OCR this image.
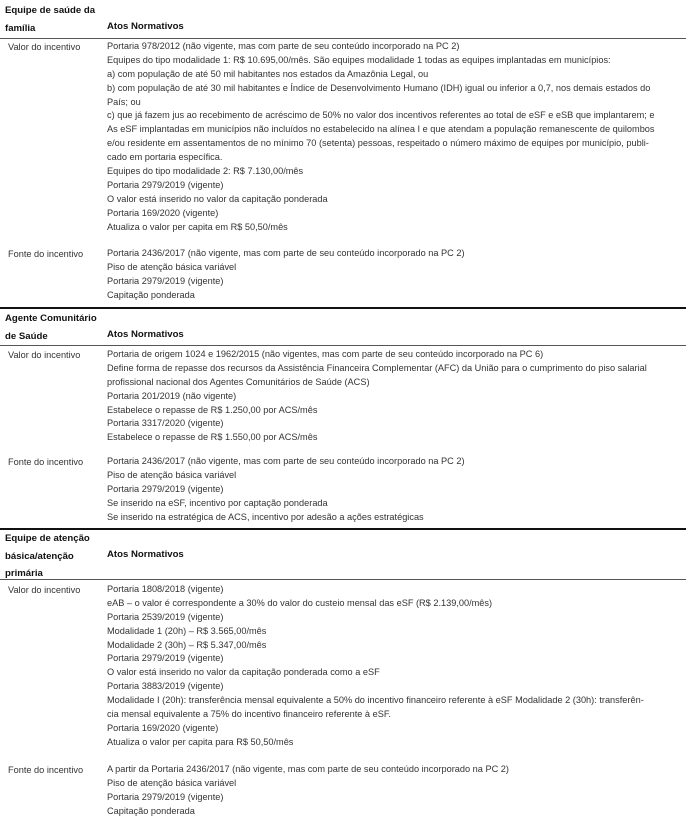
Equipe de saúde da
família	Atos Normativos
Valor do incentivo	Portaria 978/2012 (não vigente, mas com parte de seu conteúdo incorporado na PC 2)
Equipes do tipo modalidade 1: R$ 10.695,00/mês. São equipes modalidade 1 todas as equipes implantadas em municípios:
a) com população de até 50 mil habitantes nos estados da Amazônia Legal, ou
b) com população de até 30 mil habitantes e Índice de Desenvolvimento Humano (IDH) igual ou inferior a 0,7, nos demais estados do
País; ou
c) que já fazem jus ao recebimento de acréscimo de 50% no valor dos incentivos referentes ao total de eSF e eSB que implantarem; e
As eSF implantadas em municípios não incluídos no estabelecido na alínea I e que atendam a população remanescente de quilombos
e/ou residente em assentamentos de no mínimo 70 (setenta) pessoas, respeitado o número máximo de equipes por município, publi-
cado em portaria específica.
Equipes do tipo modalidade 2: R$ 7.130,00/mês
Portaria 2979/2019 (vigente)
O valor está inserido no valor da capitação ponderada
Portaria 169/2020 (vigente)
Atualiza o valor per capita em R$ 50,50/mês
Fonte do incentivo	Portaria 2436/2017 (não vigente, mas com parte de seu conteúdo incorporado na PC 2)
Piso de atenção básica variável
Portaria 2979/2019 (vigente)
Capitação ponderada
Agente Comunitário
de Saúde	Atos Normativos
Valor do incentivo	Portaria de origem 1024 e 1962/2015 (não vigentes, mas com parte de seu conteúdo incorporado na PC 6)
Define forma de repasse dos recursos da Assistência Financeira Complementar (AFC) da União para o cumprimento do piso salarial
profissional nacional dos Agentes Comunitários de Saúde (ACS)
Portaria 201/2019 (não vigente)
Estabelece o repasse de R$ 1.250,00 por ACS/mês
Portaria 3317/2020 (vigente)
Estabelece o repasse de R$ 1.550,00 por ACS/mês
Fonte do incentivo	Portaria 2436/2017 (não vigente, mas com parte de seu conteúdo incorporado na PC 2)
Piso de atenção básica variável
Portaria 2979/2019 (vigente)
Se inserido na eSF, incentivo por captação ponderada
Se inserido na estratégica de ACS, incentivo por adesão a ações estratégicas
Equipe de atenção
básica/atenção
primária
Atos Normativos
Valor do incentivo	Portaria 1808/2018 (vigente)
eAB – o valor é correspondente a 30% do valor do custeio mensal das eSF (R$ 2.139,00/mês)
Portaria 2539/2019 (vigente)
Modalidade 1 (20h) – R$ 3.565,00/mês
Modalidade 2 (30h) – R$ 5.347,00/mês
Portaria 2979/2019 (vigente)
O valor está inserido no valor da capitação ponderada como a eSF
Portaria 3883/2019 (vigente)
Modalidade I (20h): transferência mensal equivalente a 50% do incentivo financeiro referente à eSF Modalidade 2 (30h): transferên-
cia mensal equivalente a 75% do incentivo financeiro referente à eSF.
Portaria 169/2020 (vigente)
Atualiza o valor per capita para R$ 50,50/mês
Fonte do incentivo	A partir da Portaria 2436/2017 (não vigente, mas com parte de seu conteúdo incorporado na PC 2)
Piso de atenção básica variável
Portaria 2979/2019 (vigente)
Capitação ponderada
